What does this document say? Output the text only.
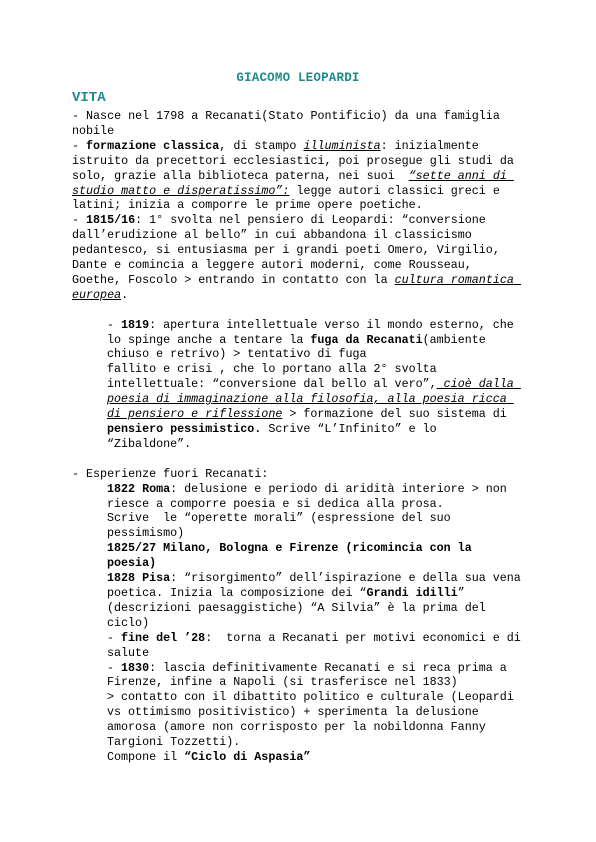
GIACOMO LEOPARDI
VITA

- Nasce nel 1798 a Recanati(Stato Pontificio) da una famiglia nobile

- formazione classica, di stampo illuminista: inizialmente istruito da precettori ecclesiastici, poi prosegue gli studi da solo, grazie alla biblioteca paterna, nei suoi  “sette anni di studio matto e disperatissimo”: legge autori classici greci e latini; inizia a comporre le prime opere poetiche.

- 1815/16: 1° svolta nel pensiero di Leopardi: “conversione dall’erudizione al bello” in cui abbandona il classicismo pedantesco, si entusiasma per i grandi poeti Omero, Virgilio, Dante e comincia a leggere autori moderni, come Rousseau, Goethe, Foscolo > entrando in contatto con la cultura romantica europea.

- 1819: apertura intellettuale verso il mondo esterno, che lo spinge anche a tentare la fuga da Recanati(ambiente chiuso e retrivo) > tentativo di fuga
fallito e crisi , che lo portano alla 2° svolta intellettuale: “conversione dal bello al vero”, cioè dalla poesia di immaginazione alla filosofia, alla poesia ricca di pensiero e riflessione > formazione del suo sistema di pensiero pessimistico. Scrive “L’Infinito” e lo “Zibaldone”.

- Esperienze fuori Recanati:

1822 Roma: delusione e periodo di aridità interiore > non riesce a comporre poesia e si dedica alla prosa.
Scrive  le “operette morali” (espressione del suo pessimismo)

1825/27 Milano, Bologna e Firenze (ricomincia con la poesia)

1828 Pisa: “risorgimento” dell’ispirazione e della sua vena poetica. Inizia la composizione dei “Grandi idilli” (descrizioni paesaggistiche) “A Silvia” è la prima del ciclo)

- fine del ’28:  torna a Recanati per motivi economici e di salute

- 1830: lascia definitivamente Recanati e si reca prima a Firenze, infine a Napoli (si trasferisce nel 1833)
> contatto con il dibattito politico e culturale (Leopardi vs ottimismo positivistico) + sperimenta la delusione amorosa (amore non corrisposto per la nobildonna Fanny Targioni Tozzetti).

Compone il “Ciclo di Aspasia”
